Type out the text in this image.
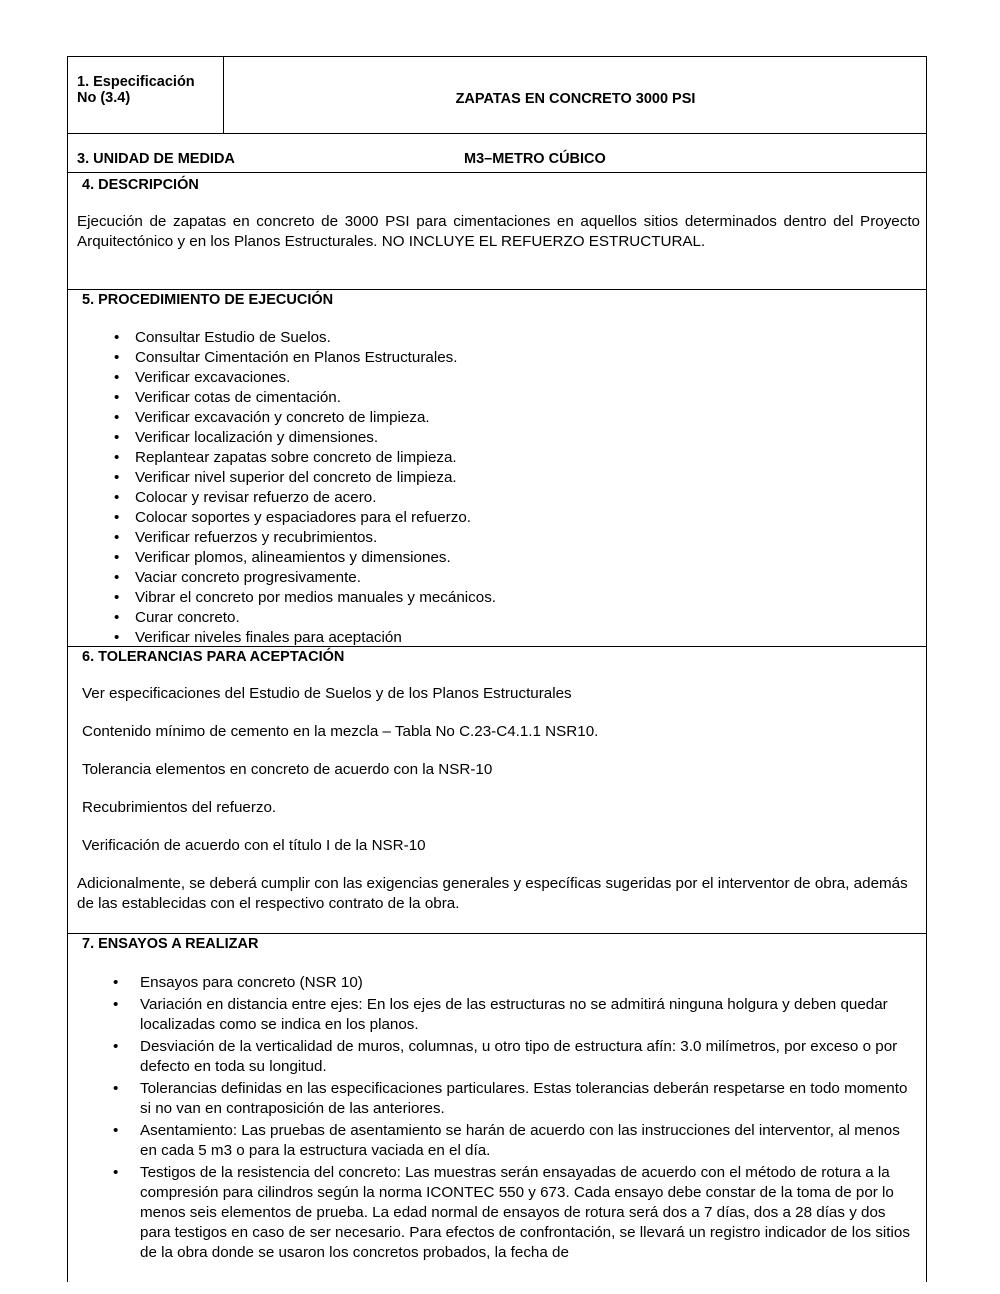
1. Especificación
No (3.4)	ZAPATAS EN CONCRETO 3000 PSI
3. UNIDAD DE MEDIDA	M3–METRO CÚBICO
4. DESCRIPCIÓN
Ejecución de zapatas en concreto de 3000 PSI para cimentaciones en aquellos sitios determinados dentro del Proyecto Arquitectónico y en los Planos Estructurales. NO INCLUYE EL REFUERZO ESTRUCTURAL.
5. PROCEDIMIENTO DE EJECUCIÓN
• Consultar Estudio de Suelos.
• Consultar Cimentación en Planos Estructurales.
• Verificar excavaciones.
• Verificar cotas de cimentación.
• Verificar excavación y concreto de limpieza.
• Verificar localización y dimensiones.
• Replantear zapatas sobre concreto de limpieza.
• Verificar nivel superior del concreto de limpieza.
• Colocar y revisar refuerzo de acero.
• Colocar soportes y espaciadores para el refuerzo.
• Verificar refuerzos y recubrimientos.
• Verificar plomos, alineamientos y dimensiones.
• Vaciar concreto progresivamente.
• Vibrar el concreto por medios manuales y mecánicos.
• Curar concreto.
• Verificar niveles finales para aceptación
6. TOLERANCIAS PARA ACEPTACIÓN
Ver especificaciones del Estudio de Suelos y de los Planos Estructurales
Contenido mínimo de cemento en la mezcla – Tabla No C.23-C4.1.1 NSR10.
Tolerancia elementos en concreto de acuerdo con la NSR-10
Recubrimientos del refuerzo.
Verificación de acuerdo con el título I de la NSR-10
Adicionalmente, se deberá cumplir con las exigencias generales y específicas sugeridas por el interventor de obra, además de las establecidas con el respectivo contrato de la obra.
7. ENSAYOS A REALIZAR
• Ensayos para concreto (NSR 10)
• Variación en distancia entre ejes: En los ejes de las estructuras no se admitirá ninguna holgura y deben quedar localizadas como se indica en los planos.
• Desviación de la verticalidad de muros, columnas, u otro tipo de estructura afín: 3.0 milímetros, por exceso o por defecto en toda su longitud.
• Tolerancias definidas en las especificaciones particulares. Estas tolerancias deberán respetarse en todo momento si no van en contraposición de las anteriores.
• Asentamiento: Las pruebas de asentamiento se harán de acuerdo con las instrucciones del interventor, al menos en cada 5 m3 o para la estructura vaciada en el día.
• Testigos de la resistencia del concreto: Las muestras serán ensayadas de acuerdo con el método de rotura a la compresión para cilindros según la norma ICONTEC 550 y 673. Cada ensayo debe constar de la toma de por lo menos seis elementos de prueba. La edad normal de ensayos de rotura será dos a 7 días, dos a 28 días y dos para testigos en caso de ser necesario. Para efectos de confrontación, se llevará un registro indicador de los sitios de la obra donde se usaron los concretos probados, la fecha de
